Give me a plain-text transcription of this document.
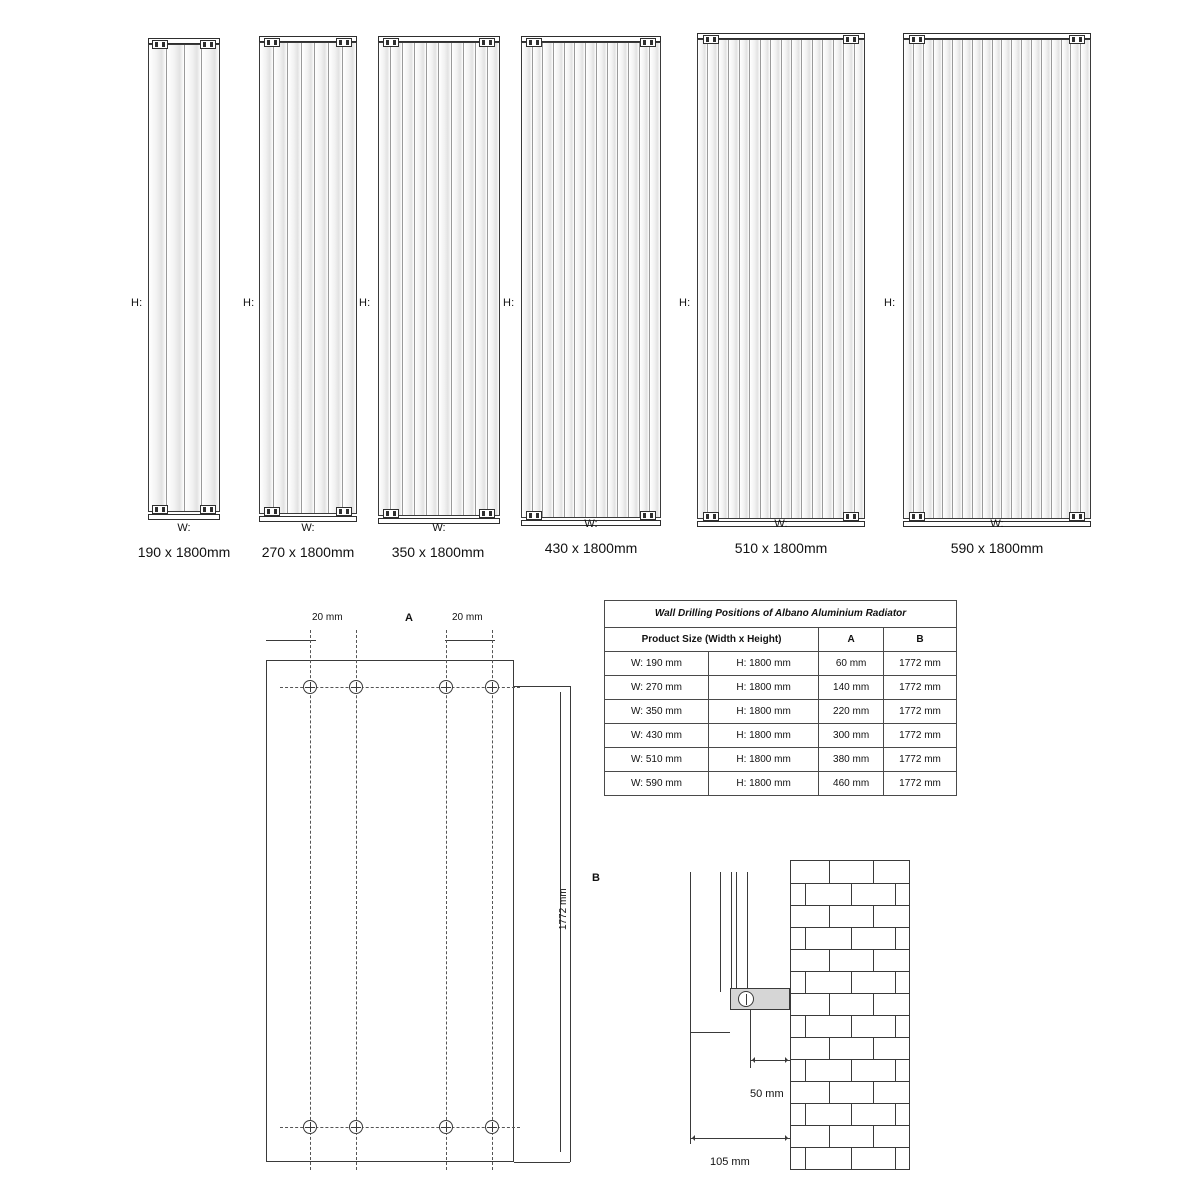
H:
W:
190 x 1800mm
H:
W:
270 x 1800mm
H:
W:
350 x 1800mm
H:
W:
430 x 1800mm
H:
W:
510 x 1800mm
H:
W:
590 x 1800mm
20 mm	20 mm
A
1772 mm
B
Wall Drilling Positions of Albano Aluminium Radiator			
Product Size (Width x Height)		A	B
W: 190 mm	H: 1800 mm	60 mm	1772 mm
W: 270 mm	H: 1800 mm	140 mm	1772 mm
W: 350 mm	H: 1800 mm	220 mm	1772 mm
W: 430 mm	H: 1800 mm	300 mm	1772 mm
W: 510 mm	H: 1800 mm	380 mm	1772 mm
W: 590 mm	H: 1800 mm	460 mm	1772 mm
50 mm
105 mm
